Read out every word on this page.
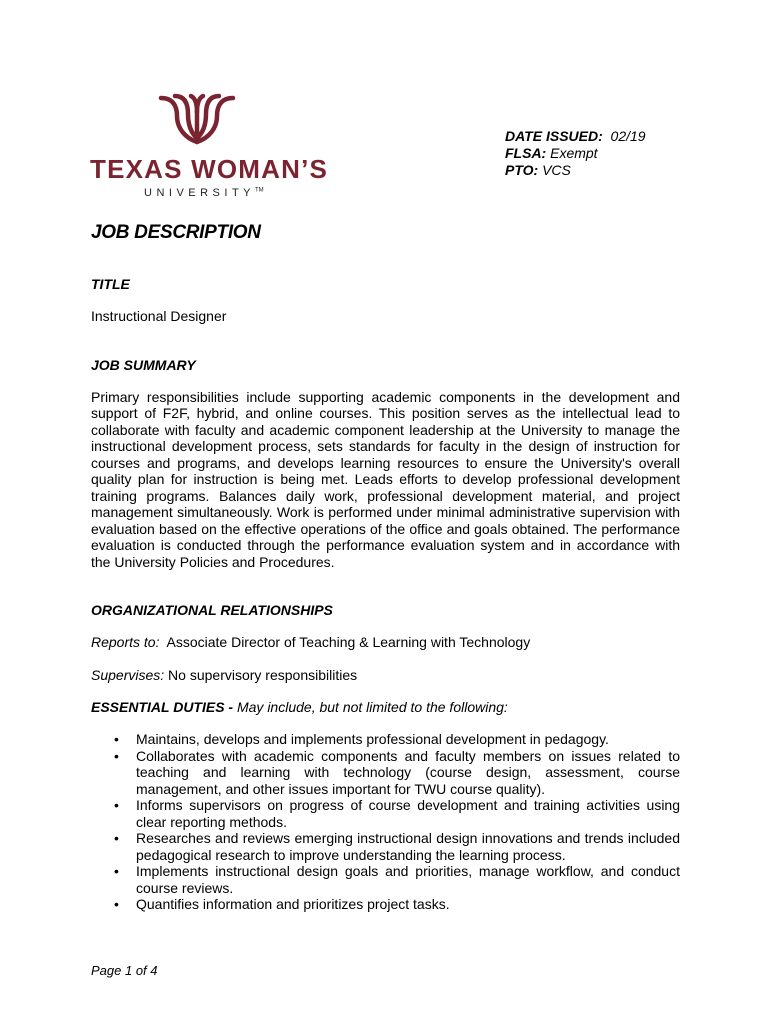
TEXAS WOMAN’S
UNIVERSITY™
DATE ISSUED: 02/19
FLSA: Exempt
PTO: VCS
JOB DESCRIPTION
TITLE
Instructional Designer
JOB SUMMARY
Primary responsibilities include supporting academic components in the development and support of F2F, hybrid, and online courses. This position serves as the intellectual lead to collaborate with faculty and academic component leadership at the University to manage the instructional development process, sets standards for faculty in the design of instruction for courses and programs, and develops learning resources to ensure the University's overall quality plan for instruction is being met. Leads efforts to develop professional development training programs. Balances daily work, professional development material, and project management simultaneously. Work is performed under minimal administrative supervision with evaluation based on the effective operations of the office and goals obtained. The performance evaluation is conducted through the performance evaluation system and in accordance with the University Policies and Procedures.
ORGANIZATIONAL RELATIONSHIPS
Reports to: Associate Director of Teaching & Learning with Technology
Supervises: No supervisory responsibilities
ESSENTIAL DUTIES - May include, but not limited to the following:
• Maintains, develops and implements professional development in pedagogy.
• Collaborates with academic components and faculty members on issues related to teaching and learning with technology (course design, assessment, course management, and other issues important for TWU course quality).
• Informs supervisors on progress of course development and training activities using clear reporting methods.
• Researches and reviews emerging instructional design innovations and trends included pedagogical research to improve understanding the learning process.
• Implements instructional design goals and priorities, manage workflow, and conduct course reviews.
• Quantifies information and prioritizes project tasks.
Page 1 of 4
